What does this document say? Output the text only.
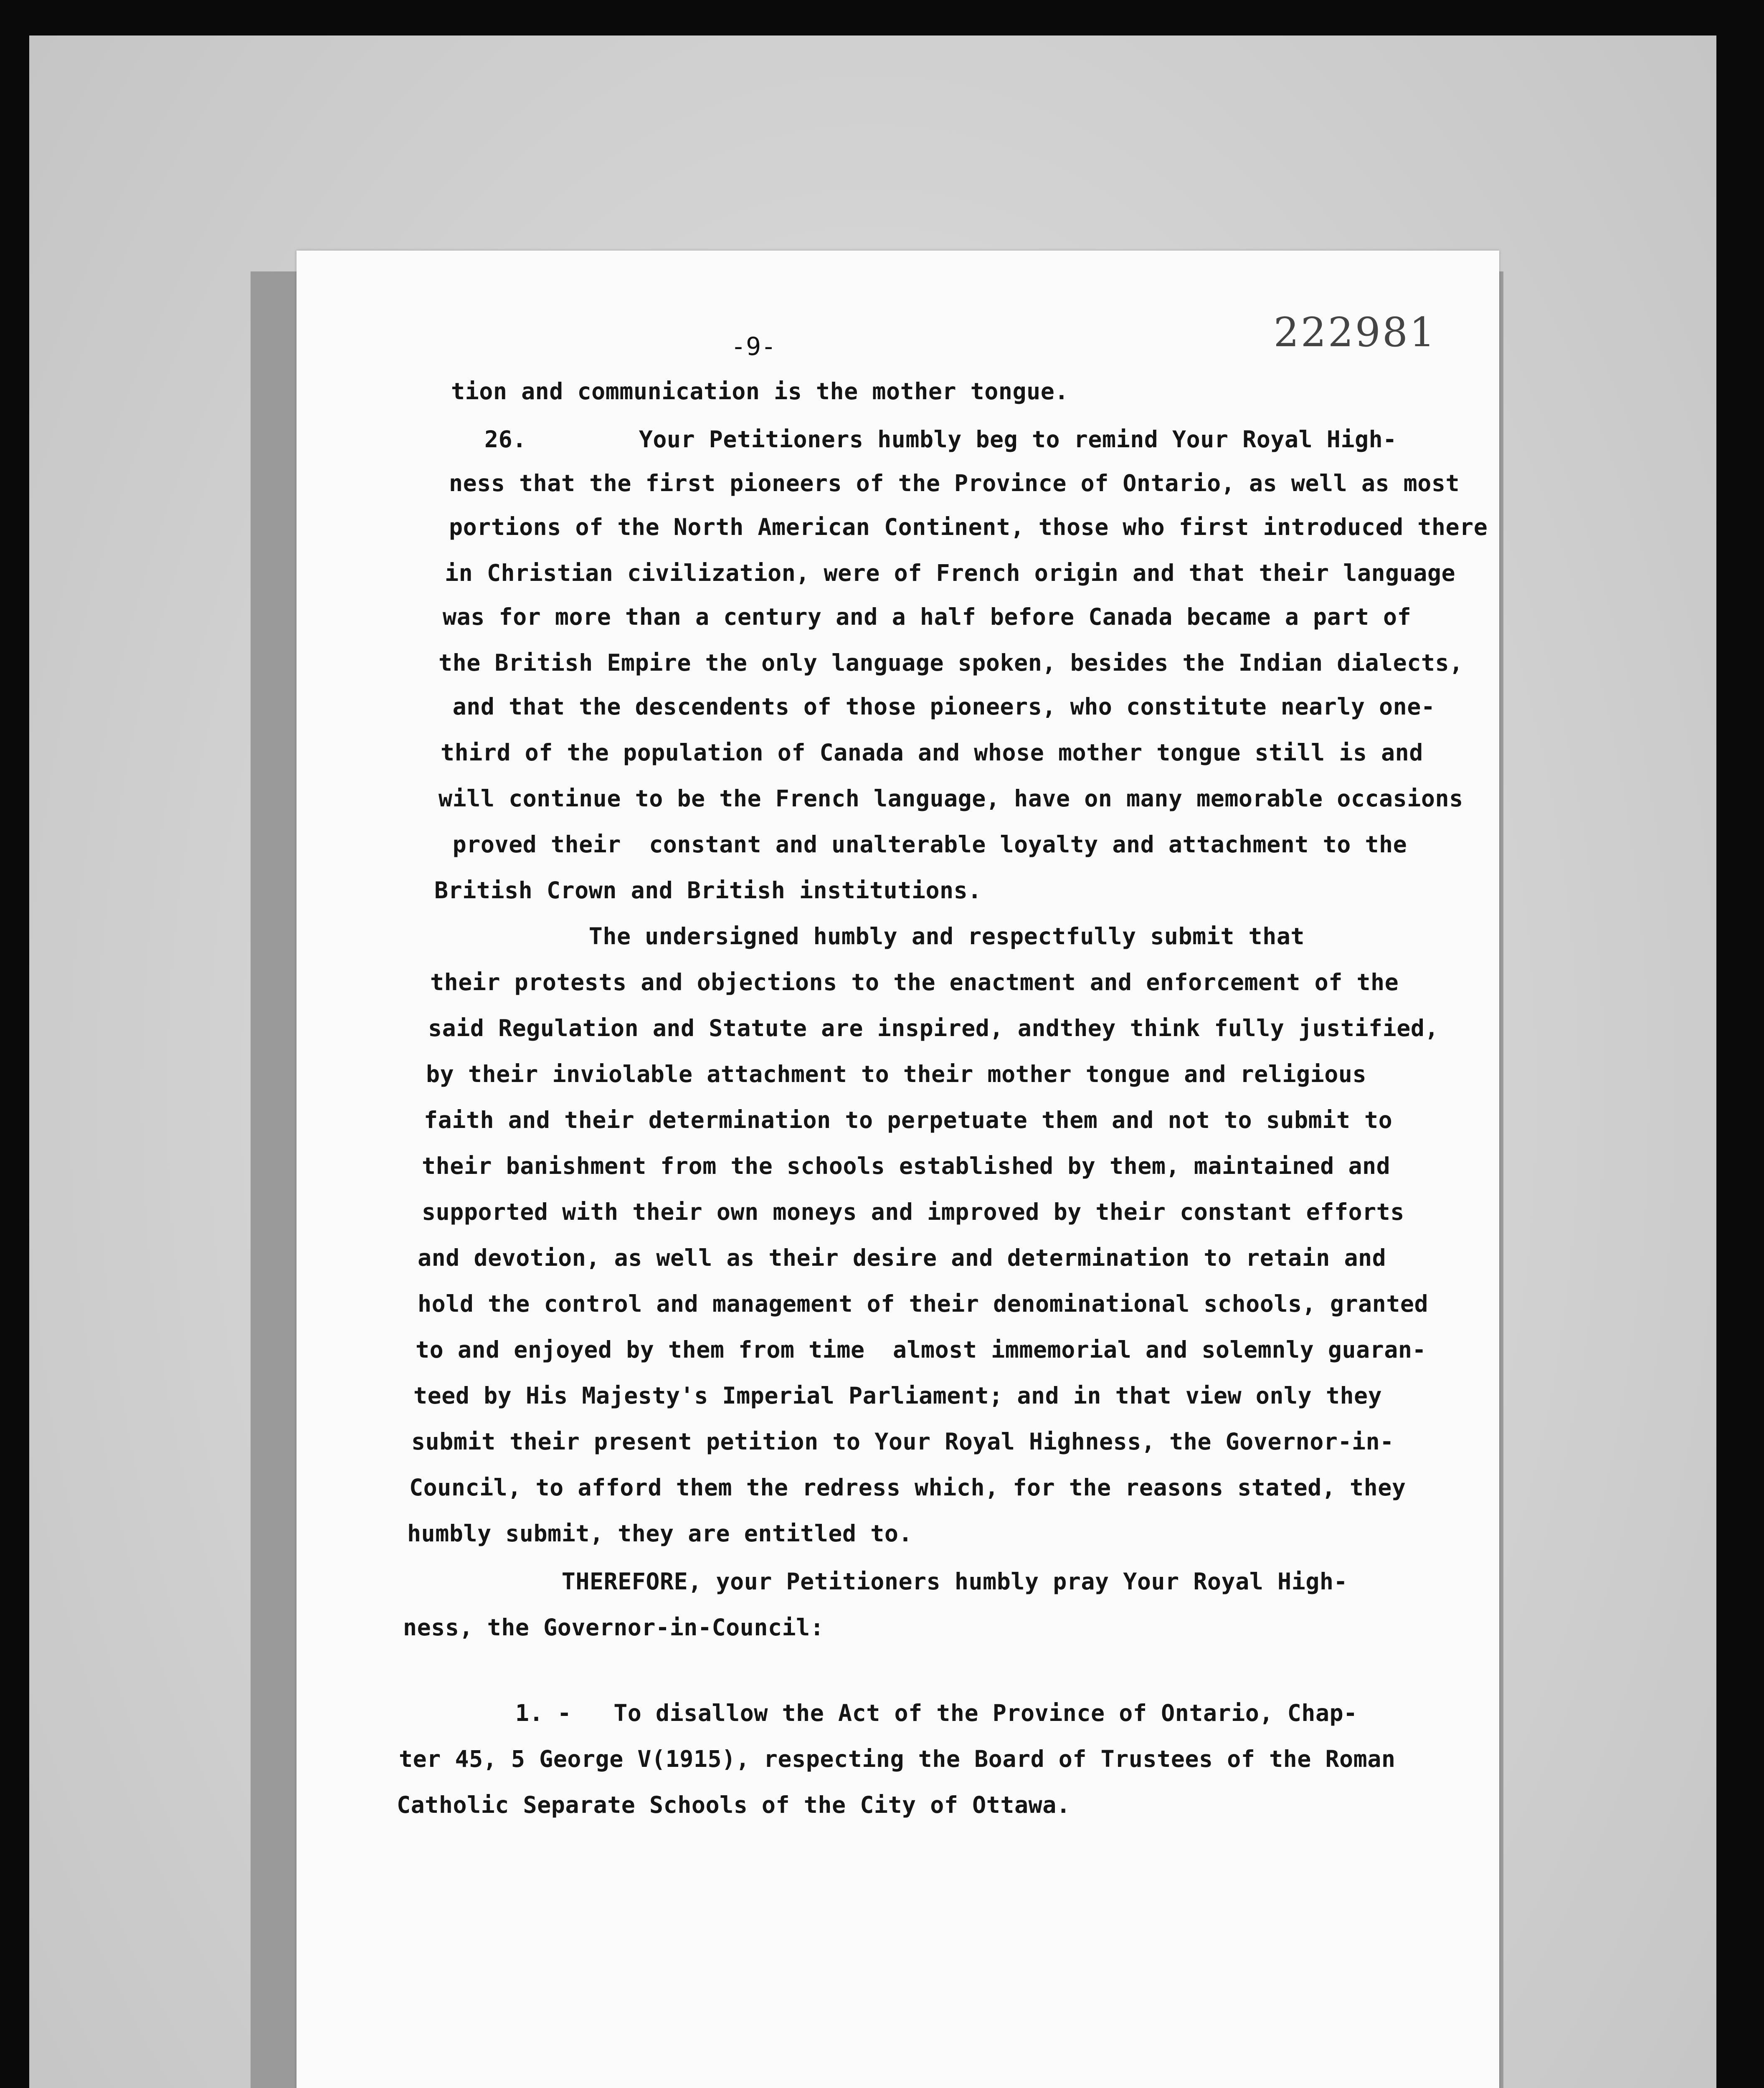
222981
-9-
tion and communication is the mother tongue.
26.        Your Petitioners humbly beg to remind Your Royal High-
ness that the first pioneers of the Province of Ontario, as well as most
portions of the North American Continent, those who first introduced there
in Christian civilization, were of French origin and that their language
was for more than a century and a half before Canada became a part of
the British Empire the only language spoken, besides the Indian dialects,
and that the descendents of those pioneers, who constitute nearly one-
third of the population of Canada and whose mother tongue still is and
will continue to be the French language, have on many memorable occasions
proved their  constant and unalterable loyalty and attachment to the
British Crown and British institutions.
The undersigned humbly and respectfully submit that
their protests and objections to the enactment and enforcement of the
said Regulation and Statute are inspired, andthey think fully justified,
by their inviolable attachment to their mother tongue and religious
faith and their determination to perpetuate them and not to submit to
their banishment from the schools established by them, maintained and
supported with their own moneys and improved by their constant efforts
and devotion, as well as their desire and determination to retain and
hold the control and management of their denominational schools, granted
to and enjoyed by them from time  almost immemorial and solemnly guaran-
teed by His Majesty's Imperial Parliament; and in that view only they
submit their present petition to Your Royal Highness, the Governor-in-
Council, to afford them the redress which, for the reasons stated, they
humbly submit, they are entitled to.
THEREFORE, your Petitioners humbly pray Your Royal High-
ness, the Governor-in-Council:
1. -   To disallow the Act of the Province of Ontario, Chap-
ter 45, 5 George V(1915), respecting the Board of Trustees of the Roman
Catholic Separate Schools of the City of Ottawa.
